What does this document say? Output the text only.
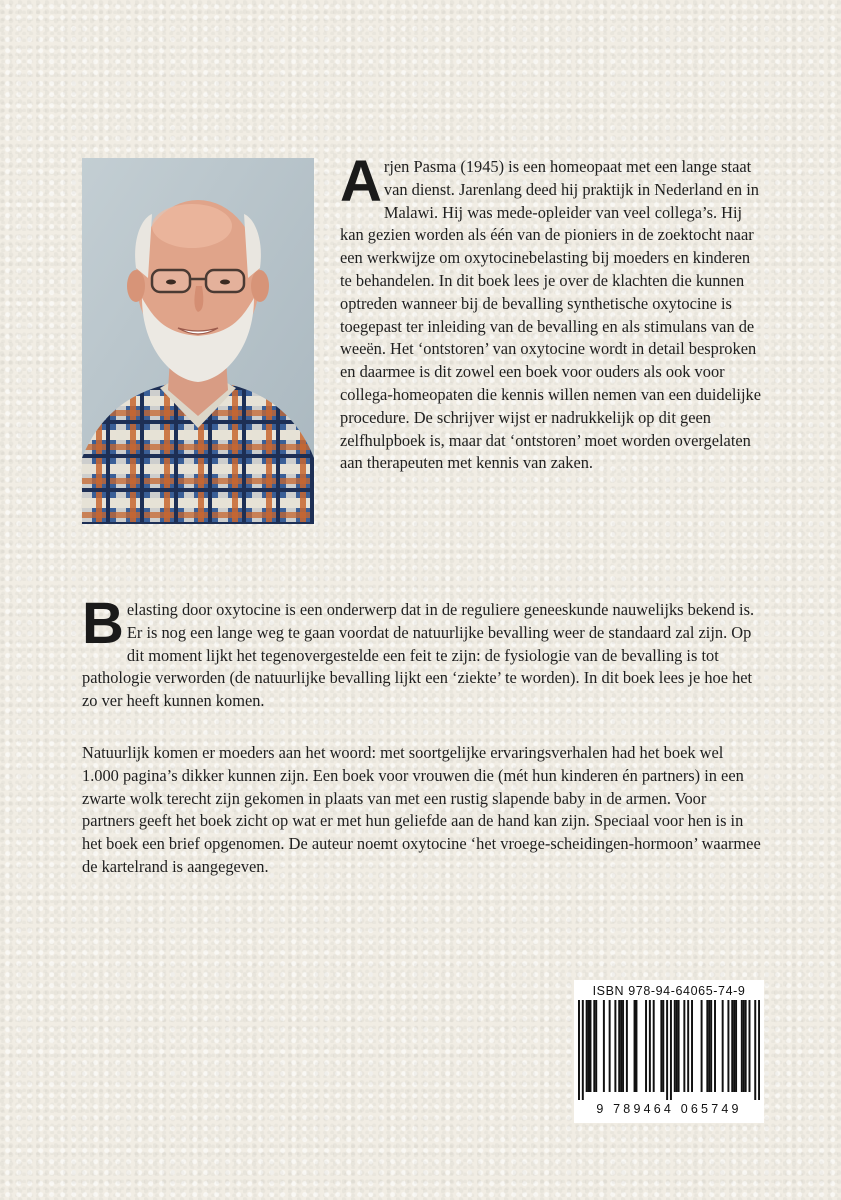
Arjen Pasma (1945) is een homeopaat met een lange staat van dienst. Jarenlang deed hij praktijk in Nederland en in Malawi. Hij was mede-opleider van veel collega’s. Hij kan gezien worden als één van de pioniers in de zoektocht naar een werkwijze om oxytocinebelasting bij moeders en kinderen te behandelen. In dit boek lees je over de klachten die kunnen optreden wanneer bij de bevalling synthetische oxytocine is toegepast ter inleiding van de bevalling en als stimulans van de weeën. Het ‘ontstoren’ van oxytocine wordt in detail besproken en daarmee is dit zowel een boek voor ouders als ook voor collega-homeopaten die kennis willen nemen van een duidelijke procedure. De schrijver wijst er nadrukkelijk op dit geen zelfhulpboek is, maar dat ‘ontstoren’ moet worden overgelaten aan therapeuten met kennis van zaken.

Belasting door oxytocine is een onderwerp dat in de reguliere geneeskunde nauwelijks bekend is. Er is nog een lange weg te gaan voordat de natuurlijke bevalling weer de standaard zal zijn. Op dit moment lijkt het tegenovergestelde een feit te zijn: de fysiologie van de bevalling is tot pathologie verworden (de natuurlijke bevalling lijkt een ‘ziekte’ te worden). In dit boek lees je hoe het zo ver heeft kunnen komen.

Natuurlijk komen er moeders aan het woord: met soortgelijke ervaringsverhalen had het boek wel 1.000 pagina’s dikker kunnen zijn. Een boek voor vrouwen die (mét hun kinderen én partners) in een zwarte wolk terecht zijn gekomen in plaats van met een rustig slapende baby in de armen. Voor partners geeft het boek zicht op wat er met hun geliefde aan de hand kan zijn. Speciaal voor hen is in het boek een brief opgenomen. De auteur noemt oxytocine ‘het vroege-scheidingen-hormoon’ waarmee de kartelrand is aangegeven.

ISBN 978-94-64065-74-9
9 789464 065749
